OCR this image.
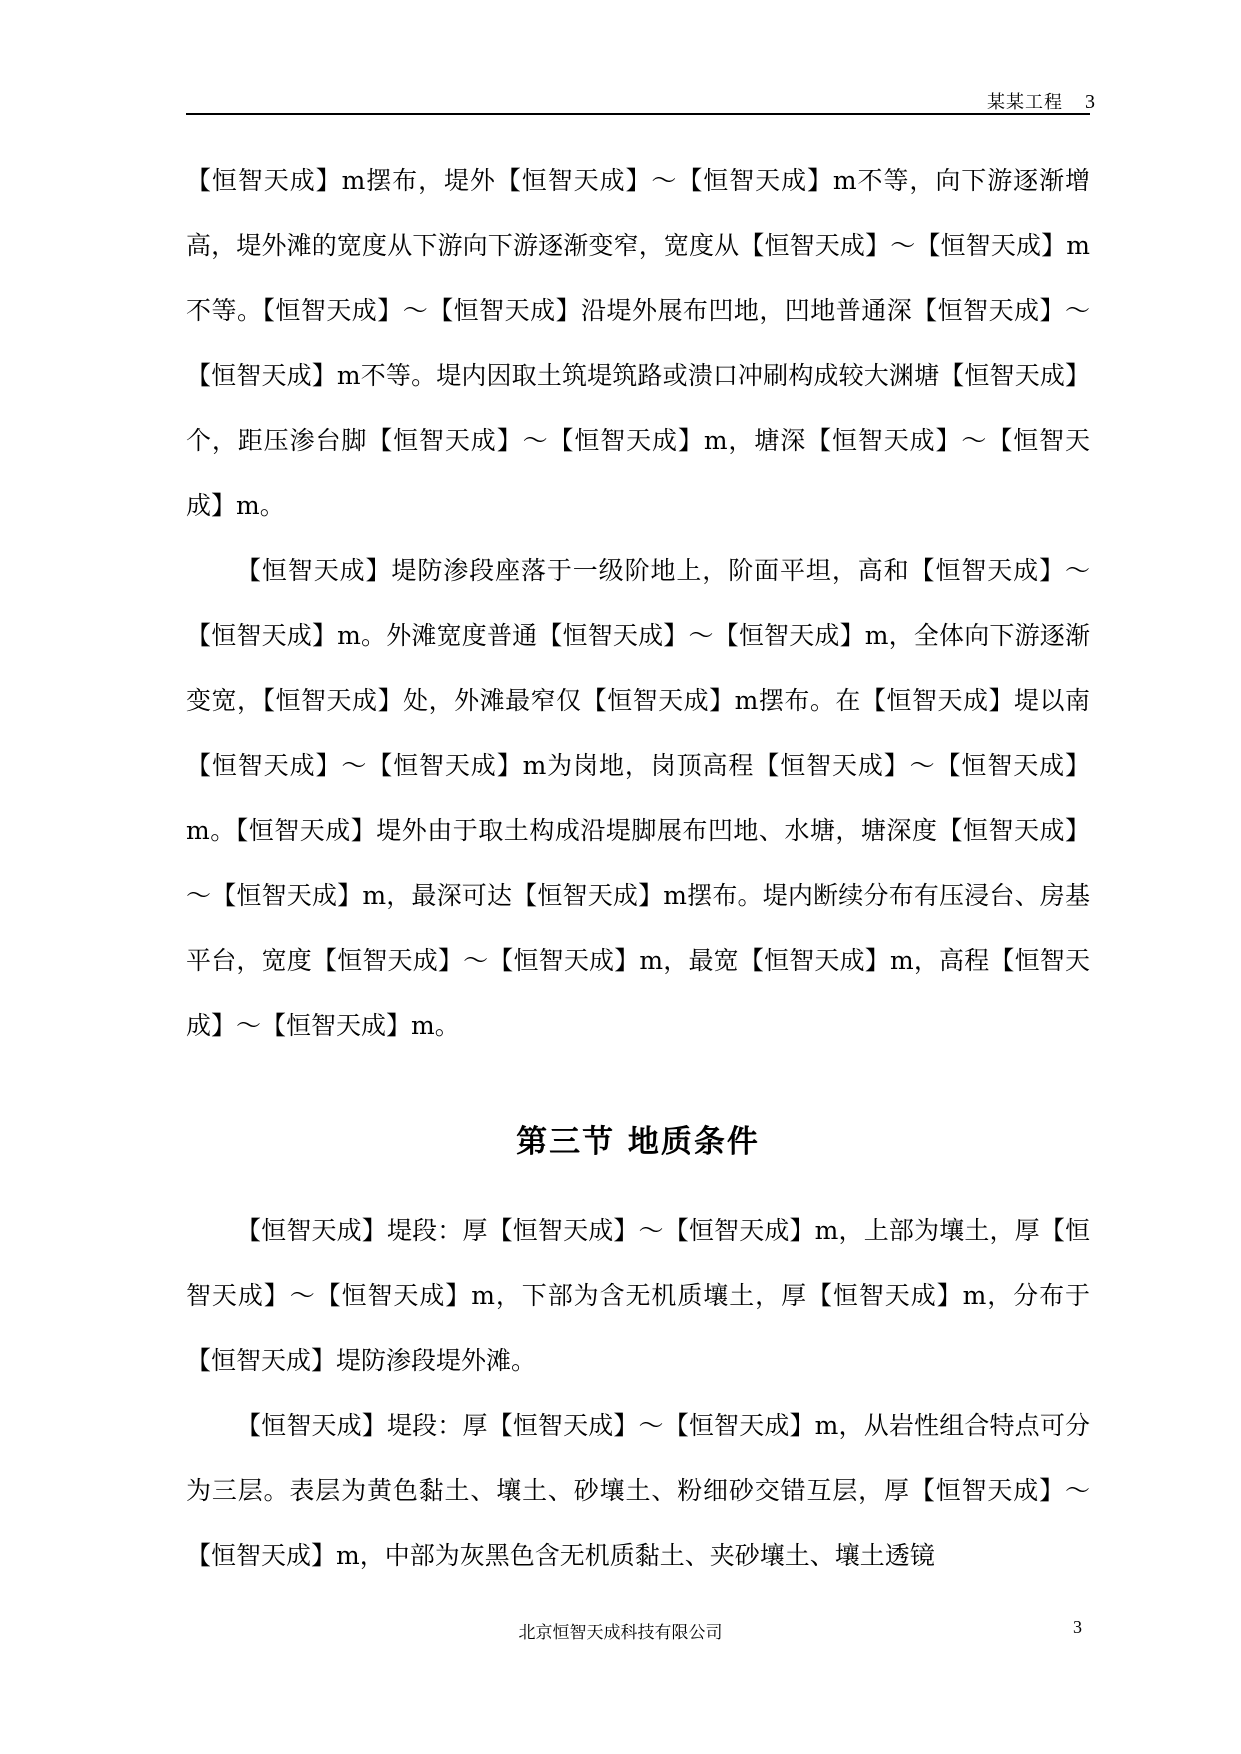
某某工程 3

【恒智天成】m摆布，堤外【恒智天成】～【恒智天成】m不等，向下游逐渐增高，堤外滩的宽度从下游向下游逐渐变窄，宽度从【恒智天成】～【恒智天成】m不等。【恒智天成】～【恒智天成】沿堤外展布凹地，凹地普通深【恒智天成】～【恒智天成】m不等。堤内因取土筑堤筑路或溃口冲刷构成较大渊塘【恒智天成】个，距压渗台脚【恒智天成】～【恒智天成】m，塘深【恒智天成】～【恒智天成】m。

【恒智天成】堤防渗段座落于一级阶地上，阶面平坦，高和【恒智天成】～【恒智天成】m。外滩宽度普通【恒智天成】～【恒智天成】m，全体向下游逐渐变宽，【恒智天成】处，外滩最窄仅【恒智天成】m摆布。在【恒智天成】堤以南【恒智天成】～【恒智天成】m为岗地，岗顶高程【恒智天成】～【恒智天成】m。【恒智天成】堤外由于取土构成沿堤脚展布凹地、水塘，塘深度【恒智天成】～【恒智天成】m，最深可达【恒智天成】m摆布。堤内断续分布有压浸台、房基平台，宽度【恒智天成】～【恒智天成】m，最宽【恒智天成】m，高程【恒智天成】～【恒智天成】m。

第三节 地质条件

【恒智天成】堤段：厚【恒智天成】～【恒智天成】m，上部为壤土，厚【恒智天成】～【恒智天成】m，下部为含无机质壤土，厚【恒智天成】m，分布于【恒智天成】堤防渗段堤外滩。

【恒智天成】堤段：厚【恒智天成】～【恒智天成】m，从岩性组合特点可分为三层。表层为黄色黏土、壤土、砂壤土、粉细砂交错互层，厚【恒智天成】～【恒智天成】m，中部为灰黑色含无机质黏土、夹砂壤土、壤土透镜

北京恒智天成科技有限公司	3
